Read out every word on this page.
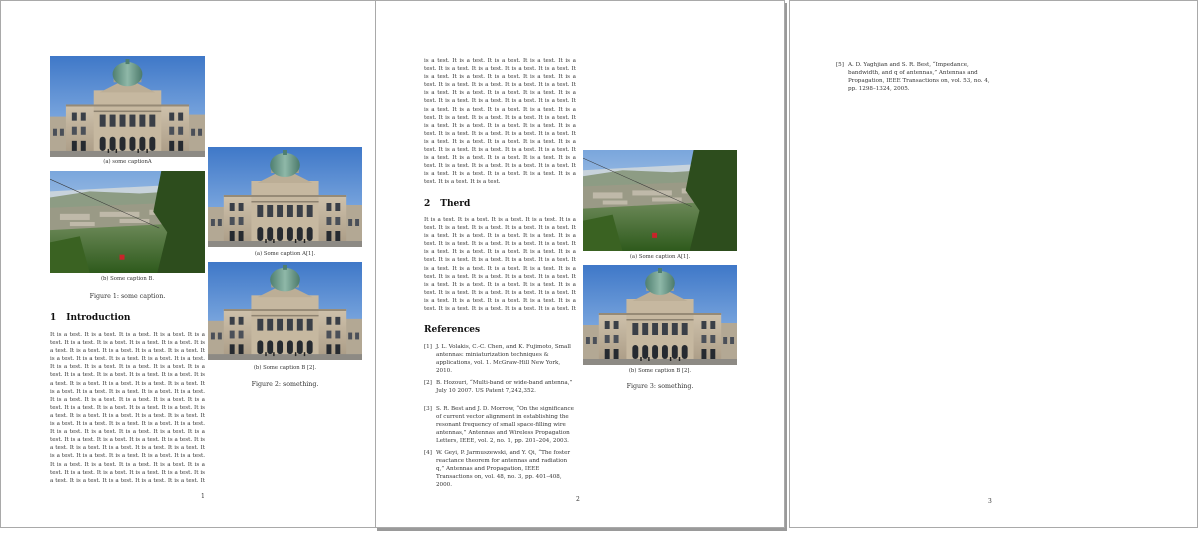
(a) some captionA
(b) Some caption B.
Figure 1: some caption.
1 Introduction
It is a test. It is a test. It is a test. It is a test. It is a test. It is a test. It is a test. It is a test. It is a test. It is a test. It is a test. It is a test. It is a test. It is a test. It is a test. It is a test. It is a test. It is a test. It is a test. It is a test. It is a test. It is a test. It is a test. It is a test. It is a test. It is a test. It is a test. It is a test. It is a test. It is a test. It is a test. It is a test. It is a test. It is a test. It is a test. It is a test. It is a test. It is a test. It is a test. It is a test. It is a test. It is a test. It is a test. It is a test. It is a test. It is a test. It is a test. It is a test. It is a test. It is a test. It is a test. It is a test. It is a test. It is a test. It is a test. It is a test. It is a test. It is a test. It is a test. It is a test. It is a test. It is a test. It is a test. It is a test. It is a test. It is a test. It is a test. It is a test. It is a test. It is a test. It is a test. It is a test. It is a test. It is a test. It is a test. It is a test. It is a test. It is a test. It is a test. It is a test. It is a test. It is a test. It is a test. It is a test. It is a test. It is a test. It is a test. It is a test. It is a test. It is a test. It
(a) Some caption A[1].
(b) Some caption B [2].
Figure 2: something.
1
is a test. It is a test. It is a test. It is a test. It is a test. It is a test. It is a test. It is a test. It is a test. It is a test. It is a test. It is a test. It is a test. It is a test. It is a test. It is a test. It is a test. It is a test. It is a test. It is a test. It is a test. It is a test. It is a test. It is a test. It is a test. It is a test. It is a test. It is a test. It is a test. It is a test. It is a test. It is a test. It is a test. It is a test. It is a test. It is a test. It is a test. It is a test. It is a test. It is a test. It is a test. It is a test. It is a test. It is a test. It is a test. It is a test. It is a test. It is a test. It is a test. It is a test. It is a test. It is a test. It is a test. It is a test. It is a test. It is a test. It is a test. It is a test. It is a test. It is a test. It is a test. It is a test. It is a test. It is a test. It is a test. It is a test. It is a test. It is a test. It is a test. It is a test.
2 Therd
It is a test. It is a test. It is a test. It is a test. It is a test. It is a test. It is a test. It is a test. It is a test. It is a test. It is a test. It is a test. It is a test. It is a test. It is a test. It is a test. It is a test. It is a test. It is a test. It is a test. It is a test. It is a test. It is a test. It is a test. It is a test. It is a test. It is a test. It is a test. It is a test. It is a test. It is a test. It is a test. It is a test. It is a test. It is a test. It is a test. It is a test. It is a test. It is a test. It is a test. It is a test. It is a test. It is a test. It is a test. It is a test. It is a test. It is a test. It is a test. It is a test. It is a test. It is a test. It is a test. It is a test. It is a test. It
References
[1] J. L. Volakis, C.-C. Chen, and K. Fujimoto, Small antennas: miniaturization techniques & applications, vol. 1. McGraw-Hill New York, 2010.
[2] B. Hozouri, “Multi-band or wide-band antenna,” July 10 2007. US Patent 7,242,352.
[3] S. R. Best and J. D. Morrow, “On the significance of current vector alignment in establishing the resonant frequency of small space-filling wire antennas,” Antennas and Wireless Propagation Letters, IEEE, vol. 2, no. 1, pp. 201–204, 2003.
[4] W. Geyi, P. Jarmuszewski, and Y. Qi, “The foster reactance theorem for antennas and radiation q,” Antennas and Propagation, IEEE Transactions on, vol. 48, no. 3, pp. 401–408, 2000.
(a) Some caption A[1].
(b) Some caption B [2].
Figure 3: something.
2
[5] A. D. Yaghjian and S. R. Best, “Impedance, bandwidth, and q of antennas,” Antennas and Propagation, IEEE Transactions on, vol. 53, no. 4, pp. 1298–1324, 2005.
3
